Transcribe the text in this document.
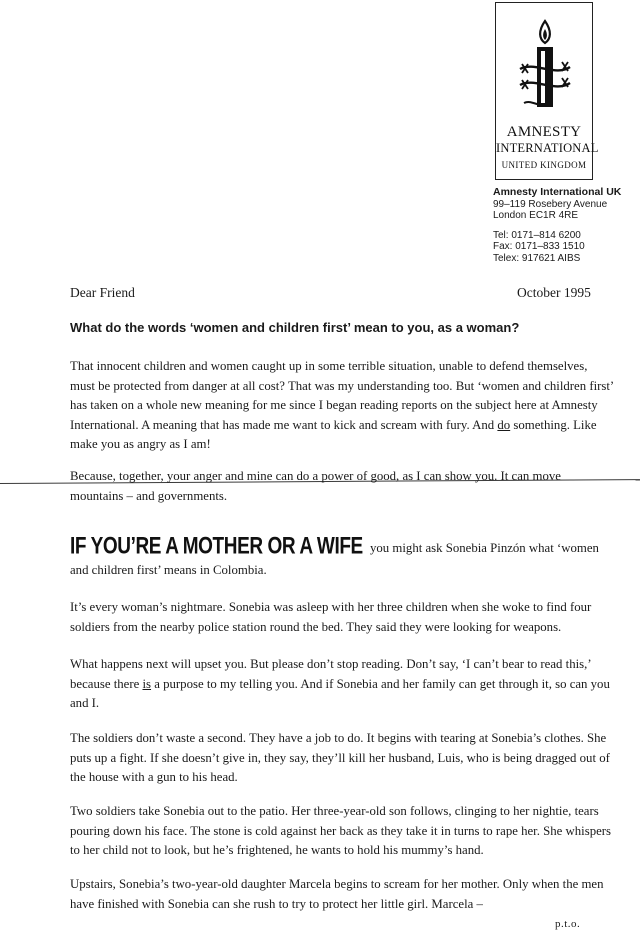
AMNESTY
INTERNATIONAL
UNITED KINGDOM
Amnesty International UK
99–119 Rosebery Avenue
London EC1R 4RE
Tel: 0171–814 6200
Fax: 0171–833 1510
Telex: 917621 AIBS
Dear Friend	October 1995
What do the words ‘women and children first’ mean to you, as a woman?

That innocent children and women caught up in some terrible situation, unable to defend themselves, must be protected from danger at all cost? That was my understanding too. But ‘women and children first’ has taken on a whole new meaning for me since I began reading reports on the subject here at Amnesty International. A meaning that has made me want to kick and scream with fury. And do something. Like make you as angry as I am!

Because, together, your anger and mine can do a power of good, as I can show you. It can move mountains – and governments.

IF YOU’RE A MOTHER OR A WIFE you might ask Sonebia Pinzón what ‘women and children first’ means in Colombia.

It’s every woman’s nightmare. Sonebia was asleep with her three children when she woke to find four soldiers from the nearby police station round the bed. They said they were looking for weapons.

What happens next will upset you. But please don’t stop reading. Don’t say, ‘I can’t bear to read this,’ because there is a purpose to my telling you. And if Sonebia and her family can get through it, so can you and I.

The soldiers don’t waste a second. They have a job to do. It begins with tearing at Sonebia’s clothes. She puts up a fight. If she doesn’t give in, they say, they’ll kill her husband, Luis, who is being dragged out of the house with a gun to his head.

Two soldiers take Sonebia out to the patio. Her three-year-old son follows, clinging to her nightie, tears pouring down his face. The stone is cold against her back as they take it in turns to rape her. She whispers to her child not to look, but he’s frightened, he wants to hold his mummy’s hand.

Upstairs, Sonebia’s two-year-old daughter Marcela begins to scream for her mother. Only when the men have finished with Sonebia can she rush to try to protect her little girl. Marcela –

p.t.o.
